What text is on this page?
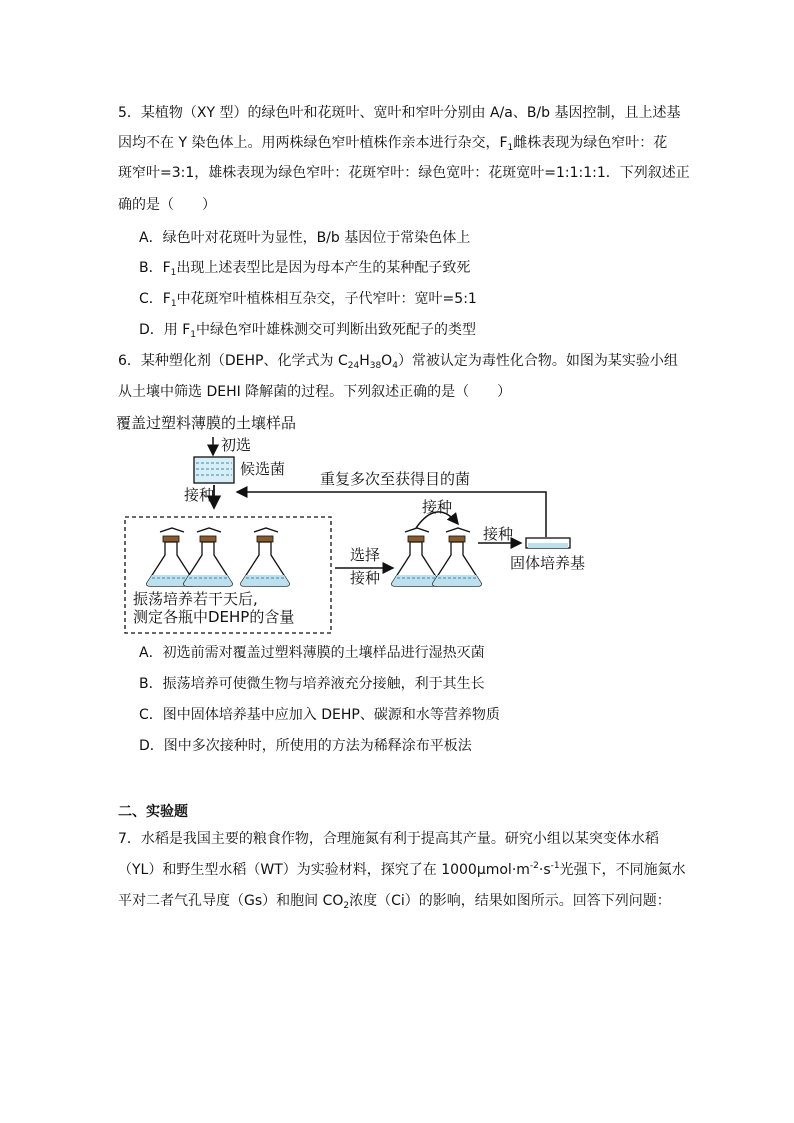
5．某植物（XY 型）的绿色叶和花斑叶、宽叶和窄叶分别由 A/a、B/b 基因控制，且上述基
因均不在 Y 染色体上。用两株绿色窄叶植株作亲本进行杂交，$F_1$雌株表现为绿色窄叶：花
斑窄叶=3:1，雄株表现为绿色窄叶：花斑窄叶：绿色宽叶：花斑宽叶=1:1:1:1．下列叙述正
确的是（　　）
A．绿色叶对花斑叶为显性，B/b 基因位于常染色体上
B．$F_1$出现上述表型比是因为母本产生的某种配子致死
C．$F_1$中花斑窄叶植株相互杂交，子代窄叶：宽叶=5:1
D．用 $F_1$中绿色窄叶雄株测交可判断出致死配子的类型
6．某种塑化剂（DEHP、化学式为 $C_{24}H_{38}O_4$）常被认定为毒性化合物。如图为某实验小组
从土壤中筛选 DEHI 降解菌的过程。下列叙述正确的是（　　）
覆盖过塑料薄膜的土壤样品
初选
候选菌
接种
重复多次至获得目的菌
振荡培养若干天后,
测定各瓶中DEHP的含量
选择
接种
接种
接种
固体培养基
A．初选前需对覆盖过塑料薄膜的土壤样品进行湿热灭菌
B．振荡培养可使微生物与培养液充分接触，利于其生长
C．图中固体培养基中应加入 DEHP、碳源和水等营养物质
D．图中多次接种时，所使用的方法为稀释涂布平板法
二、实验题
7．水稻是我国主要的粮食作物，合理施氮有利于提高其产量。研究小组以某突变体水稻
（YL）和野生型水稻（WT）为实验材料，探究了在 $1000\mu mol\cdot m^{-2}\cdot s^{-1}$光强下，不同施氮水
平对二者气孔导度（Gs）和胞间 $CO_2$浓度（Ci）的影响，结果如图所示。回答下列问题：
